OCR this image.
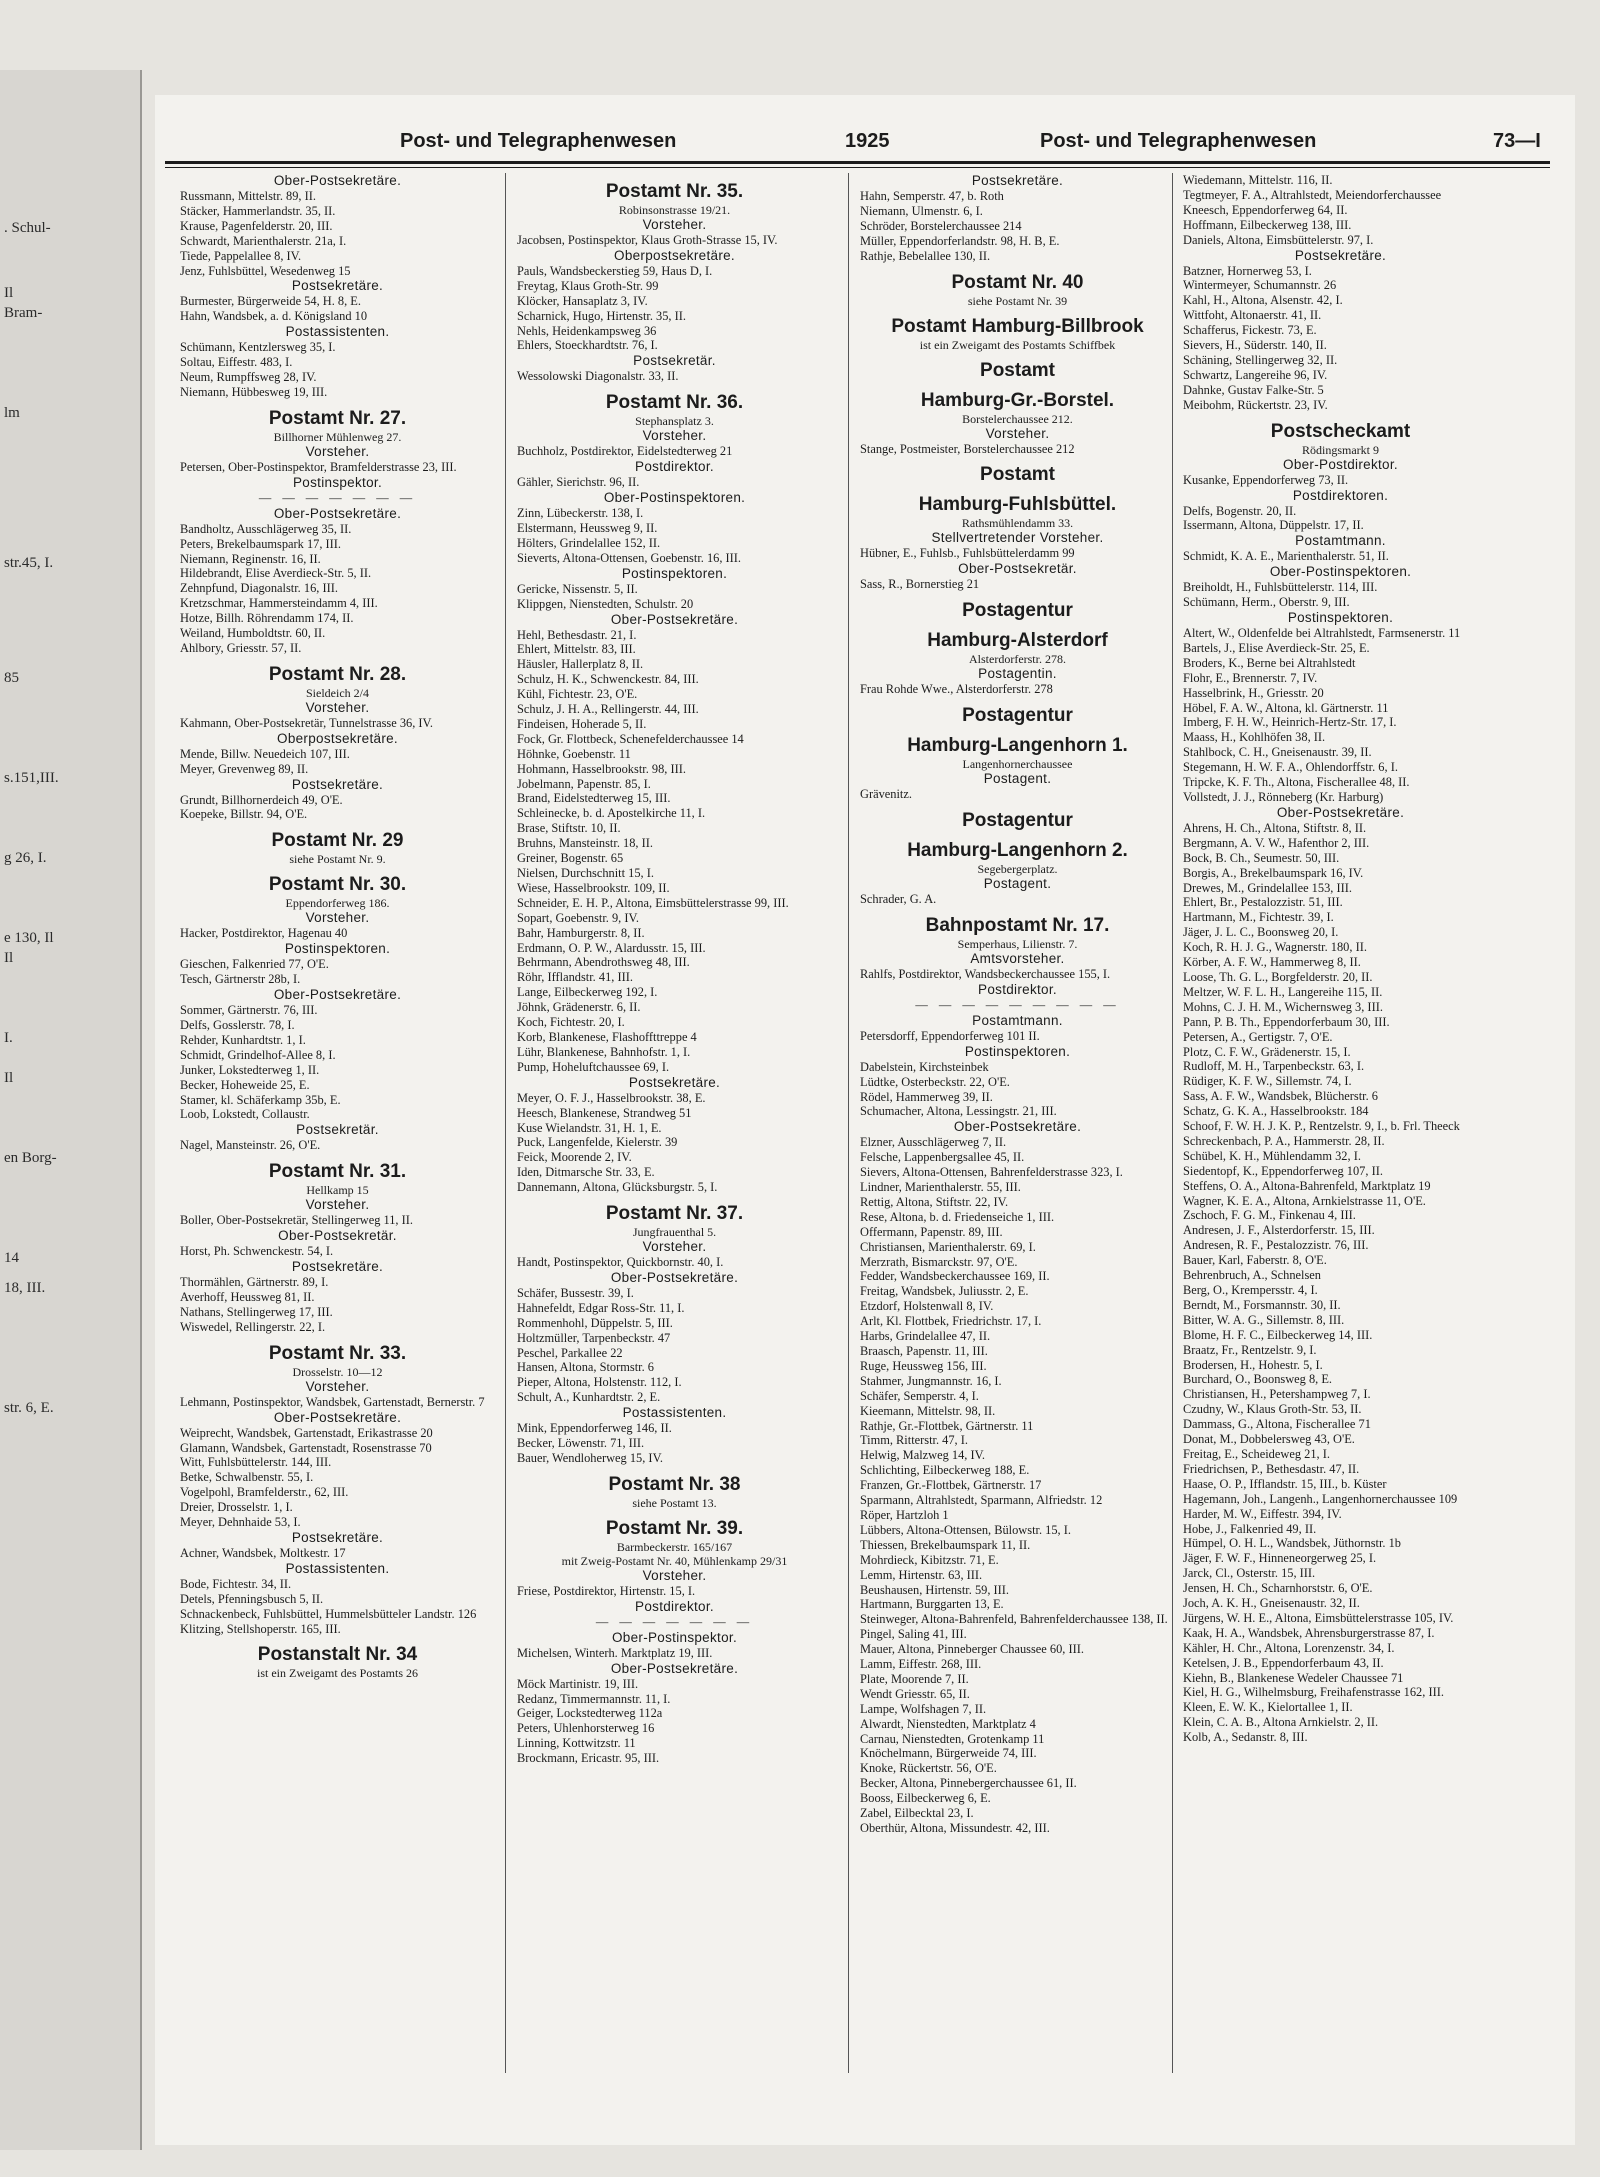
. Schul-
Il
Bram-
lm
str.45, I.
85
s.151,III.
g 26, I.
e 130, Il
Il
I.
Il
en Borg-
14
18, III.
str. 6, E.
Post- und Telegraphenwesen	1925	Post- und Telegraphenwesen	73—I
Ober-Postsekretäre.
Russmann, Mittelstr. 89, II.
Stäcker, Hammerlandstr. 35, II.
Krause, Pagenfelderstr. 20, III.
Schwardt, Marienthalerstr. 21a, I.
Tiede, Pappelallee 8, IV.
Jenz, Fuhlsbüttel, Wesedenweg 15
Postsekretäre.
Burmester, Bürgerweide 54, H. 8, E.
Hahn, Wandsbek, a. d. Königsland 10
Postassistenten.
Schümann, Kentzlersweg 35, I.
Soltau, Eiffestr. 483, I.
Neum, Rumpffsweg 28, IV.
Niemann, Hübbesweg 19, III.
Postamt Nr. 27.
Billhorner Mühlenweg 27.
Vorsteher.
Petersen, Ober-Postinspektor, Bramfelderstrasse 23, III.
Postinspektor.
— — — — — — —
Ober-Postsekretäre.
Bandholtz, Ausschlägerweg 35, II.
Peters, Brekelbaumspark 17, III.
Niemann, Reginenstr. 16, II.
Hildebrandt, Elise Averdieck-Str. 5, II.
Zehnpfund, Diagonalstr. 16, III.
Kretzschmar, Hammersteindamm 4, III.
Hotze, Billh. Röhrendamm 174, II.
Weiland, Humboldtstr. 60, II.
Ahlbory, Griesstr. 57, II.
Postamt Nr. 28.
Sieldeich 2/4
Vorsteher.
Kahmann, Ober-Postsekretär, Tunnelstrasse 36, IV.
Oberpostsekretäre.
Mende, Billw. Neuedeich 107, III.
Meyer, Grevenweg 89, II.
Postsekretäre.
Grundt, Billhornerdeich 49, O'E.
Koepeke, Billstr. 94, O'E.
Postamt Nr. 29
siehe Postamt Nr. 9.
Postamt Nr. 30.
Eppendorferweg 186.
Vorsteher.
Hacker, Postdirektor, Hagenau 40
Postinspektoren.
Gieschen, Falkenried 77, O'E.
Tesch, Gärtnerstr 28b, I.
Ober-Postsekretäre.
Sommer, Gärtnerstr. 76, III.
Delfs, Gosslerstr. 78, I.
Rehder, Kunhardtstr. 1, I.
Schmidt, Grindelhof-Allee 8, I.
Junker, Lokstedterweg 1, II.
Becker, Hoheweide 25, E.
Stamer, kl. Schäferkamp 35b, E.
Loob, Lokstedt, Collaustr.
Postsekretär.
Nagel, Mansteinstr. 26, O'E.
Postamt Nr. 31.
Hellkamp 15
Vorsteher.
Boller, Ober-Postsekretär, Stellingerweg 11, II.
Ober-Postsekretär.
Horst, Ph. Schwenckestr. 54, I.
Postsekretäre.
Thormählen, Gärtnerstr. 89, I.
Averhoff, Heussweg 81, II.
Nathans, Stellingerweg 17, III.
Wiswedel, Rellingerstr. 22, I.
Postamt Nr. 33.
Drosselstr. 10—12
Vorsteher.
Lehmann, Postinspektor, Wandsbek, Gartenstadt, Bernerstr. 7
Ober-Postsekretäre.
Weiprecht, Wandsbek, Gartenstadt, Erikastrasse 20
Glamann, Wandsbek, Gartenstadt, Rosenstrasse 70
Witt, Fuhlsbüttelerstr. 144, III.
Betke, Schwalbenstr. 55, I.
Vogelpohl, Bramfelderstr., 62, III.
Dreier, Drosselstr. 1, I.
Meyer, Dehnhaide 53, I.
Postsekretäre.
Achner, Wandsbek, Moltkestr. 17
Postassistenten.
Bode, Fichtestr. 34, II.
Detels, Pfenningsbusch 5, II.
Schnackenbeck, Fuhlsbüttel, Hummelsbütteler Landstr. 126
Klitzing, Stellshoperstr. 165, III.
Postanstalt Nr. 34
ist ein Zweigamt des Postamts 26
Postamt Nr. 35.
Robinsonstrasse 19/21.
Vorsteher.
Jacobsen, Postinspektor, Klaus Groth-Strasse 15, IV.
Oberpostsekretäre.
Pauls, Wandsbeckerstieg 59, Haus D, I.
Freytag, Klaus Groth-Str. 99
Klöcker, Hansaplatz 3, IV.
Scharnick, Hugo, Hirtenstr. 35, II.
Nehls, Heidenkampsweg 36
Ehlers, Stoeckhardtstr. 76, I.
Postsekretär.
Wessolowski Diagonalstr. 33, II.
Postamt Nr. 36.
Stephansplatz 3.
Vorsteher.
Buchholz, Postdirektor, Eidelstedterweg 21
Postdirektor.
Gähler, Sierichstr. 96, II.
Ober-Postinspektoren.
Zinn, Lübeckerstr. 138, I.
Elstermann, Heussweg 9, II.
Hölters, Grindelallee 152, II.
Sieverts, Altona-Ottensen, Goebenstr. 16, III.
Postinspektoren.
Gericke, Nissenstr. 5, II.
Klippgen, Nienstedten, Schulstr. 20
Ober-Postsekretäre.
Hehl, Bethesdastr. 21, I.
Ehlert, Mittelstr. 83, III.
Häusler, Hallerplatz 8, II.
Schulz, H. K., Schwenckestr. 84, III.
Kühl, Fichtestr. 23, O'E.
Schulz, J. H. A., Rellingerstr. 44, III.
Findeisen, Hoherade 5, II.
Fock, Gr. Flottbeck, Schenefelderchaussee 14
Höhnke, Goebenstr. 11
Hohmann, Hasselbrookstr. 98, III.
Jobelmann, Papenstr. 85, I.
Brand, Eidelstedterweg 15, III.
Schleinecke, b. d. Apostelkirche 11, I.
Brase, Stiftstr. 10, II.
Bruhns, Mansteinstr. 18, II.
Greiner, Bogenstr. 65
Nielsen, Durchschnitt 15, I.
Wiese, Hasselbrookstr. 109, II.
Schneider, E. H. P., Altona, Eimsbüttelerstrasse 99, III.
Sopart, Goebenstr. 9, IV.
Bahr, Hamburgerstr. 8, II.
Erdmann, O. P. W., Alardusstr. 15, III.
Behrmann, Abendrothsweg 48, III.
Röhr, Ifflandstr. 41, III.
Lange, Eilbeckerweg 192, I.
Jöhnk, Grädenerstr. 6, II.
Koch, Fichtestr. 20, I.
Korb, Blankenese, Flashoffttreppe 4
Lühr, Blankenese, Bahnhofstr. 1, I.
Pump, Hoheluftchaussee 69, I.
Postsekretäre.
Meyer, O. F. J., Hasselbrookstr. 38, E.
Heesch, Blankenese, Strandweg 51
Kuse Wielandstr. 31, H. 1, E.
Puck, Langenfelde, Kielerstr. 39
Feick, Moorende 2, IV.
Iden, Ditmarsche Str. 33, E.
Dannemann, Altona, Glücksburgstr. 5, I.
Postamt Nr. 37.
Jungfrauenthal 5.
Vorsteher.
Handt, Postinspektor, Quickbornstr. 40, I.
Ober-Postsekretäre.
Schäfer, Bussestr. 39, I.
Hahnefeldt, Edgar Ross-Str. 11, I.
Rommenhohl, Düppelstr. 5, III.
Holtzmüller, Tarpenbeckstr. 47
Peschel, Parkallee 22
Hansen, Altona, Stormstr. 6
Pieper, Altona, Holstenstr. 112, I.
Schult, A., Kunhardtstr. 2, E.
Postassistenten.
Mink, Eppendorferweg 146, II.
Becker, Löwenstr. 71, III.
Bauer, Wendloherweg 15, IV.
Postamt Nr. 38
siehe Postamt 13.
Postamt Nr. 39.
Barmbeckerstr. 165/167
mit Zweig-Postamt Nr. 40, Mühlenkamp 29/31
Vorsteher.
Friese, Postdirektor, Hirtenstr. 15, I.
Postdirektor.
— — — — — — —
Ober-Postinspektor.
Michelsen, Winterh. Marktplatz 19, III.
Ober-Postsekretäre.
Möck Martinistr. 19, III.
Redanz, Timmermannstr. 11, I.
Geiger, Lockstedterweg 112a
Peters, Uhlenhorsterweg 16
Linning, Kottwitzstr. 11
Brockmann, Ericastr. 95, III.
Postsekretäre.
Hahn, Semperstr. 47, b. Roth
Niemann, Ulmenstr. 6, I.
Schröder, Borstelerchaussee 214
Müller, Eppendorferlandstr. 98, H. B, E.
Rathje, Bebelallee 130, II.
Postamt Nr. 40
siehe Postamt Nr. 39
Postamt Hamburg-Billbrook
ist ein Zweigamt des Postamts Schiffbek
Postamt
Hamburg-Gr.-Borstel.
Borstelerchaussee 212.
Vorsteher.
Stange, Postmeister, Borstelerchaussee 212
Postamt
Hamburg-Fuhlsbüttel.
Rathsmühlendamm 33.
Stellvertretender Vorsteher.
Hübner, E., Fuhlsb., Fuhlsbüttelerdamm 99
Ober-Postsekretär.
Sass, R., Bornerstieg 21
Postagentur
Hamburg-Alsterdorf
Alsterdorferstr. 278.
Postagentin.
Frau Rohde Wwe., Alsterdorferstr. 278
Postagentur
Hamburg-Langenhorn 1.
Langenhornerchaussee
Postagent.
Grävenitz.
Postagentur
Hamburg-Langenhorn 2.
Segebergerplatz.
Postagent.
Schrader, G. A.
Bahnpostamt Nr. 17.
Semperhaus, Lilienstr. 7.
Amtsvorsteher.
Rahlfs, Postdirektor, Wandsbeckerchaussee 155, I.
Postdirektor.
— — — — — — — — —
Postamtmann.
Petersdorff, Eppendorferweg 101 II.
Postinspektoren.
Dabelstein, Kirchsteinbek
Lüdtke, Osterbeckstr. 22, O'E.
Rödel, Hammerweg 39, II.
Schumacher, Altona, Lessingstr. 21, III.
Ober-Postsekretäre.
Elzner, Ausschlägerweg 7, II.
Felsche, Lappenbergsallee 45, II.
Sievers, Altona-Ottensen, Bahrenfelderstrasse 323, I.
Lindner, Marienthalerstr. 55, III.
Rettig, Altona, Stiftstr. 22, IV.
Rese, Altona, b. d. Friedenseiche 1, III.
Offermann, Papenstr. 89, III.
Christiansen, Marienthalerstr. 69, I.
Merzrath, Bismarckstr. 97, O'E.
Fedder, Wandsbeckerchaussee 169, II.
Freitag, Wandsbek, Juliusstr. 2, E.
Etzdorf, Holstenwall 8, IV.
Arlt, Kl. Flottbek, Friedrichstr. 17, I.
Harbs, Grindelallee 47, II.
Braasch, Papenstr. 11, III.
Ruge, Heussweg 156, III.
Stahmer, Jungmannstr. 16, I.
Schäfer, Semperstr. 4, I.
Kieemann, Mittelstr. 98, II.
Rathje, Gr.-Flottbek, Gärtnerstr. 11
Timm, Ritterstr. 47, I.
Helwig, Malzweg 14, IV.
Schlichting, Eilbeckerweg 188, E.
Franzen, Gr.-Flottbek, Gärtnerstr. 17
Sparmann, Altrahlstedt, Sparmann, Alfriedstr. 12
Röper, Hartzloh 1
Lübbers, Altona-Ottensen, Bülowstr. 15, I.
Thiessen, Brekelbaumspark 11, II.
Mohrdieck, Kibitzstr. 71, E.
Lemm, Hirtenstr. 63, III.
Beushausen, Hirtenstr. 59, III.
Hartmann, Burggarten 13, E.
Steinweger, Altona-Bahrenfeld, Bahrenfelderchaussee 138, II.
Pingel, Saling 41, III.
Mauer, Altona, Pinneberger Chaussee 60, III.
Lamm, Eiffestr. 268, III.
Plate, Moorende 7, II.
Wendt Griesstr. 65, II.
Lampe, Wolfshagen 7, II.
Alwardt, Nienstedten, Marktplatz 4
Carnau, Nienstedten, Grotenkamp 11
Knöchelmann, Bürgerweide 74, III.
Knoke, Rückertstr. 56, O'E.
Becker, Altona, Pinnebergerchaussee 61, II.
Booss, Eilbeckerweg 6, E.
Zabel, Eilbecktal 23, I.
Oberthür, Altona, Missundestr. 42, III.
Wiedemann, Mittelstr. 116, II.
Tegtmeyer, F. A., Altrahlstedt, Meiendorferchaussee
Kneesch, Eppendorferweg 64, II.
Hoffmann, Eilbeckerweg 138, III.
Daniels, Altona, Eimsbüttelerstr. 97, I.
Postsekretäre.
Batzner, Hornerweg 53, I.
Wintermeyer, Schumannstr. 26
Kahl, H., Altona, Alsenstr. 42, I.
Wittfoht, Altonaerstr. 41, II.
Schafferus, Fickestr. 73, E.
Sievers, H., Süderstr. 140, II.
Schäning, Stellingerweg 32, II.
Schwartz, Langereihe 96, IV.
Dahnke, Gustav Falke-Str. 5
Meibohm, Rückertstr. 23, IV.
Postscheckamt
Rödingsmarkt 9
Ober-Postdirektor.
Kusanke, Eppendorferweg 73, II.
Postdirektoren.
Delfs, Bogenstr. 20, II.
Issermann, Altona, Düppelstr. 17, II.
Postamtmann.
Schmidt, K. A. E., Marienthalerstr. 51, II.
Ober-Postinspektoren.
Breiholdt, H., Fuhlsbüttelerstr. 114, III.
Schümann, Herm., Oberstr. 9, III.
Postinspektoren.
Altert, W., Oldenfelde bei Altrahlstedt, Farmsenerstr. 11
Bartels, J., Elise Averdieck-Str. 25, E.
Broders, K., Berne bei Altrahlstedt
Flohr, E., Brennerstr. 7, IV.
Hasselbrink, H., Griesstr. 20
Höbel, F. A. W., Altona, kl. Gärtnerstr. 11
Imberg, F. H. W., Heinrich-Hertz-Str. 17, I.
Maass, H., Kohlhöfen 38, II.
Stahlbock, C. H., Gneisenaustr. 39, II.
Stegemann, H. W. F. A., Ohlendorffstr. 6, I.
Tripcke, K. F. Th., Altona, Fischerallee 48, II.
Vollstedt, J. J., Rönneberg (Kr. Harburg)
Ober-Postsekretäre.
Ahrens, H. Ch., Altona, Stiftstr. 8, II.
Bergmann, A. V. W., Hafenthor 2, III.
Bock, B. Ch., Seumestr. 50, III.
Borgis, A., Brekelbaumspark 16, IV.
Drewes, M., Grindelallee 153, III.
Ehlert, Br., Pestalozzistr. 51, III.
Hartmann, M., Fichtestr. 39, I.
Jäger, J. L. C., Boonsweg 20, I.
Koch, R. H. J. G., Wagnerstr. 180, II.
Körber, A. F. W., Hammerweg 8, II.
Loose, Th. G. L., Borgfelderstr. 20, II.
Meltzer, W. F. L. H., Langereihe 115, II.
Mohns, C. J. H. M., Wichernsweg 3, III.
Pann, P. B. Th., Eppendorferbaum 30, III.
Petersen, A., Gertigstr. 7, O'E.
Plotz, C. F. W., Grädenerstr. 15, I.
Rudloff, M. H., Tarpenbeckstr. 63, I.
Rüdiger, K. F. W., Sillemstr. 74, I.
Sass, A. F. W., Wandsbek, Blücherstr. 6
Schatz, G. K. A., Hasselbrookstr. 184
Schoof, F. W. H. J. K. P., Rentzelstr. 9, I., b. Frl. Theeck
Schreckenbach, P. A., Hammerstr. 28, II.
Schübel, K. H., Mühlendamm 32, I.
Siedentopf, K., Eppendorferweg 107, II.
Steffens, O. A., Altona-Bahrenfeld, Marktplatz 19
Wagner, K. E. A., Altona, Arnkielstrasse 11, O'E.
Zschoch, F. G. M., Finkenau 4, III.
Andresen, J. F., Alsterdorferstr. 15, III.
Andresen, R. F., Pestalozzistr. 76, III.
Bauer, Karl, Faberstr. 8, O'E.
Behrenbruch, A., Schnelsen
Berg, O., Krempersstr. 4, I.
Berndt, M., Forsmannstr. 30, II.
Bitter, W. A. G., Sillemstr. 8, III.
Blome, H. F. C., Eilbeckerweg 14, III.
Braatz, Fr., Rentzelstr. 9, I.
Brodersen, H., Hohestr. 5, I.
Burchard, O., Boonsweg 8, E.
Christiansen, H., Petershampweg 7, I.
Czudny, W., Klaus Groth-Str. 53, II.
Dammass, G., Altona, Fischerallee 71
Donat, M., Dobbelersweg 43, O'E.
Freitag, E., Scheideweg 21, I.
Friedrichsen, P., Bethesdastr. 47, II.
Haase, O. P., Ifflandstr. 15, III., b. Küster
Hagemann, Joh., Langenh., Langenhornerchaussee 109
Harder, M. W., Eiffestr. 394, IV.
Hobe, J., Falkenried 49, II.
Hümpel, O. H. L., Wandsbek, Jüthornstr. 1b
Jäger, F. W. F., Hinneneorgerweg 25, I.
Jarck, Cl., Osterstr. 15, III.
Jensen, H. Ch., Scharnhorststr. 6, O'E.
Joch, A. K. H., Gneisenaustr. 32, II.
Jürgens, W. H. E., Altona, Eimsbüttelerstrasse 105, IV.
Kaak, H. A., Wandsbek, Ahrensburgerstrasse 87, I.
Kähler, H. Chr., Altona, Lorenzenstr. 34, I.
Ketelsen, J. B., Eppendorferbaum 43, II.
Kiehn, B., Blankenese Wedeler Chaussee 71
Kiel, H. G., Wilhelmsburg, Freihafenstrasse 162, III.
Kleen, E. W. K., Kielortallee 1, II.
Klein, C. A. B., Altona Arnkielstr. 2, II.
Kolb, A., Sedanstr. 8, III.
